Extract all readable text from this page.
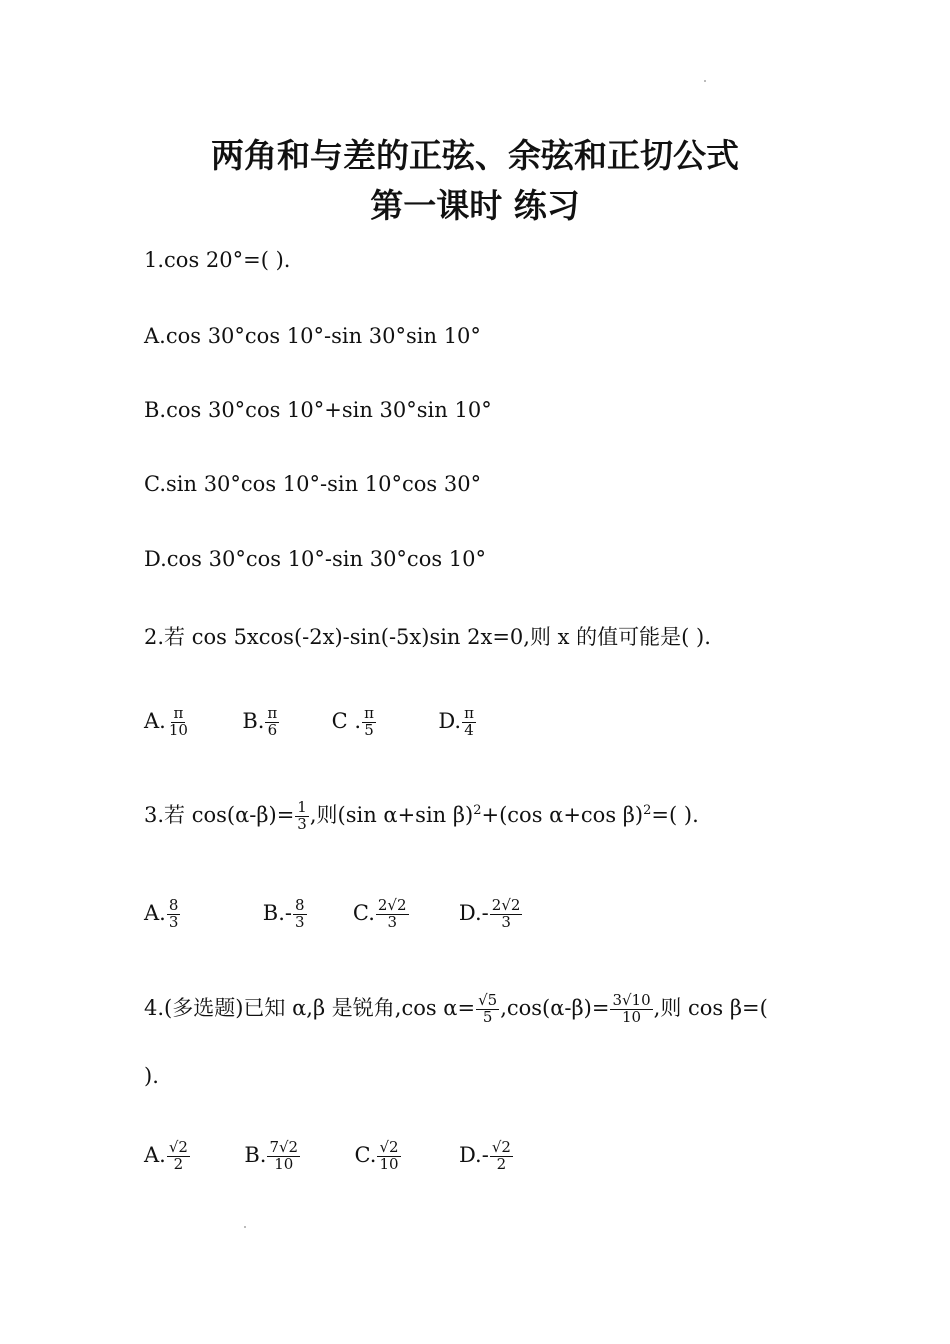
两角和与差的正弦、余弦和正切公式
第一课时 练习
1.cos 20°=( ).
A.cos 30°cos 10°-sin 30°sin 10°
B.cos 30°cos 10°+sin 30°sin 10°
C.sin 30°cos 10°-sin 10°cos 30°
D.cos 30°cos 10°-sin 30°cos 10°
2.若 cos 5xcos(-2x)-sin(-5x)sin 2x=0,则 x 的值可能是( ).
A. $\frac{\pi}{10} B$. $\frac{\pi}{6}$ C . $\frac{\pi}{5}$	D. $\frac{\pi}{4}$
3.若 $\cos(\alpha-\beta)= \frac{1}{3}$ ,则(sin α+sin β)$^2$+(cos α+cos β)$^2$=( ).
A. $\frac{8}{3}$	$B.- \frac{8}{3} C$. $\frac{2√2}{3} D.- \frac{2√2}{3}$
4.(多选题)已知 α,β 是锐角,cos $\alpha= \frac{√5}{5} ,\cos(\alpha-\beta)= \frac{3√10}{10}$ ,则 cos β=(
).
A. $\frac{√2}{2}$	B. $\frac{7√2}{10}$	C. $\frac{√2}{10}$	$D.- \frac{√2}{2}$
